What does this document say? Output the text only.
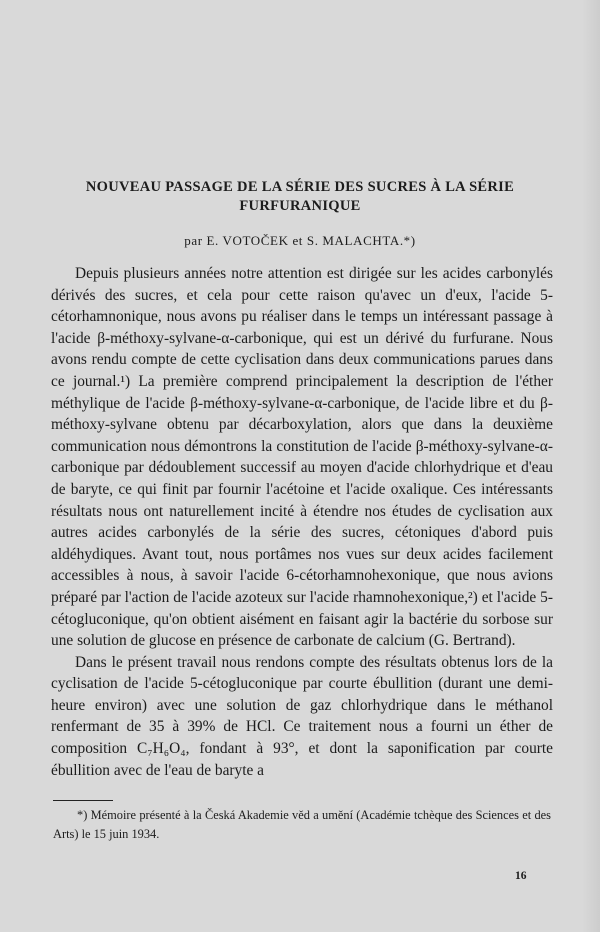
NOUVEAU PASSAGE DE LA SÉRIE DES SUCRES À LA SÉRIE FURFURANIQUE
par E. VOTOČEK et S. MALACHTA.*)

Depuis plusieurs années notre attention est dirigée sur les acides carbonylés dérivés des sucres, et cela pour cette raison qu'avec un d'eux, l'acide 5-cétorhamnonique, nous avons pu réaliser dans le temps un intéressant passage à l'acide β-méthoxy-sylvane-α-carbonique, qui est un dérivé du furfurane. Nous avons rendu compte de cette cyclisation dans deux communications parues dans ce journal.¹) La première comprend principalement la description de l'éther méthylique de l'acide β-méthoxy-sylvane-α-carbonique, de l'acide libre et du β-méthoxy-sylvane obtenu par décarboxylation, alors que dans la deuxième communication nous démontrons la constitution de l'acide β-méthoxy-sylvane-α-carbonique par dédoublement successif au moyen d'acide chlorhydrique et d'eau de baryte, ce qui finit par fournir l'acétoine et l'acide oxalique. Ces intéressants résultats nous ont naturellement incité à étendre nos études de cyclisation aux autres acides carbonylés de la série des sucres, cétoniques d'abord puis aldéhydiques. Avant tout, nous portâmes nos vues sur deux acides facilement accessibles à nous, à savoir l'acide 6-cétorhamnohexonique, que nous avions préparé par l'action de l'acide azoteux sur l'acide rhamnohexonique,²) et l'acide 5-cétogluconique, qu'on obtient aisément en faisant agir la bactérie du sorbose sur une solution de glucose en présence de carbonate de calcium (G. Bertrand).

Dans le présent travail nous rendons compte des résultats obtenus lors de la cyclisation de l'acide 5-cétogluconique par courte ébullition (durant une demi-heure environ) avec une solution de gaz chlorhydrique dans le méthanol renfermant de 35 à 39% de HCl. Ce traitement nous a fourni un éther de composition C₇H₆O₄, fondant à 93°, et dont la saponification par courte ébullition avec de l'eau de baryte a

*) Mémoire présenté à la Česká Akademie věd a umění (Académie tchèque des Sciences et des Arts) le 15 juin 1934.
16
